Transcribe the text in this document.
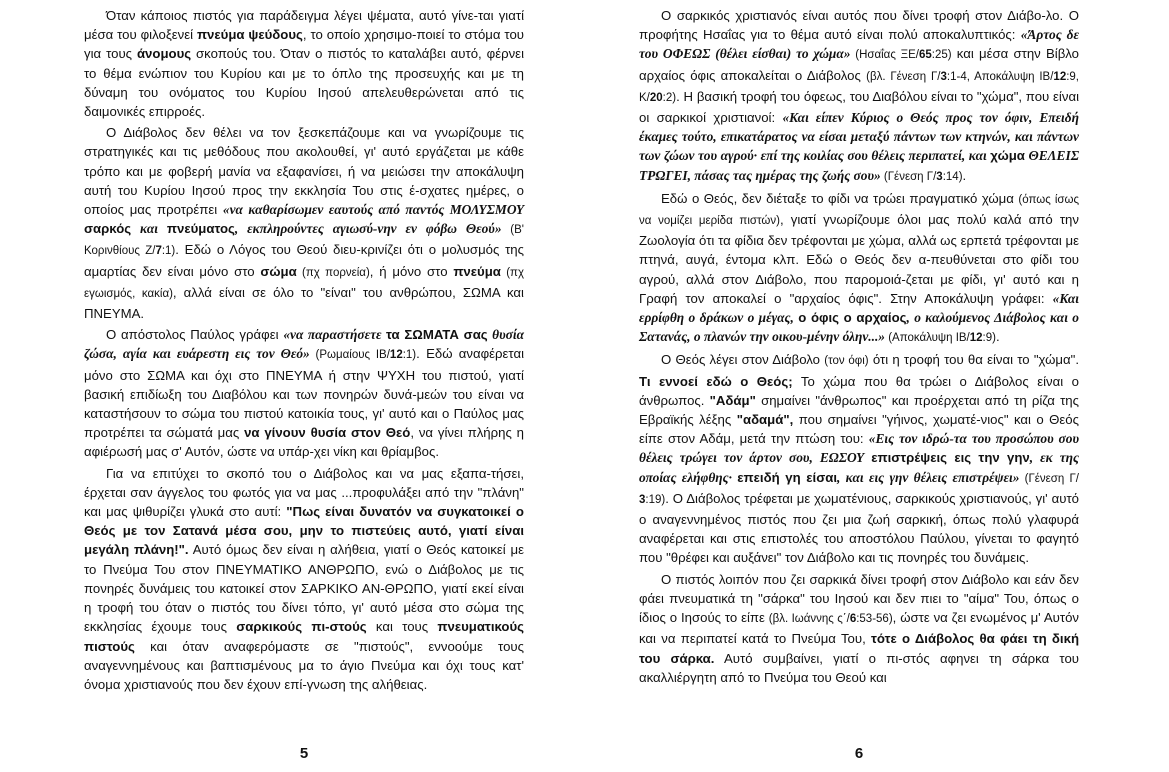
Όταν κάποιος πιστός για παράδειγμα λέγει ψέματα, αυτό γίνε-ται γιατί μέσα του φιλοξενεί πνεύμα ψεύδους, το οποίο χρησιμο-ποιεί το στόμα του για τους άνομους σκοπούς του. Όταν ο πιστός το καταλάβει αυτό, φέρνει το θέμα ενώπιον του Κυρίου και με το όπλο της προσευχής και με τη δύναμη του ονόματος του Κυρίου Ιησού απελευθερώνεται από τις δαιμονικές επιρροές.

Ο Διάβολος δεν θέλει να τον ξεσκεπάζουμε και να γνωρίζουμε τις στρατηγικές και τις μεθόδους που ακολουθεί, γι' αυτό εργάζεται με κάθε τρόπο και με φοβερή μανία να εξαφανίσει, ή να μειώσει την αποκάλυψη αυτή του Κυρίου Ιησού προς την εκκλησία Του στις έ-σχατες ημέρες, ο οποίος μας προτρέπει «να καθαρίσωμεν εαυτούς από παντός ΜΟΛΥΣΜΟΥ σαρκός και πνεύματος, εκπληρούντες αγιωσύ-νην εν φόβω Θεού» (Β' Κορινθίους Ζ/7:1). Εδώ ο Λόγος του Θεού διευ-κρινίζει ότι ο μολυσμός της αμαρτίας δεν είναι μόνο στο σώμα (πχ πορνεία), ή μόνο στο πνεύμα (πχ εγωισμός, κακία), αλλά είναι σε όλο το "είναι" του ανθρώπου, ΣΩΜΑ και ΠΝΕΥΜΑ.

Ο απόστολος Παύλος γράφει «να παραστήσετε τα ΣΩΜΑΤΑ σας θυσία ζώσα, αγία και ευάρεστη εις τον Θεό» (Ρωμαίους ΙΒ/12:1). Εδώ αναφέρεται μόνο στο ΣΩΜΑ και όχι στο ΠΝΕΥΜΑ ή στην ΨΥΧΗ του πιστού, γιατί βασική επιδίωξη του Διαβόλου και των πονηρών δυνά-μεών του είναι να καταστήσουν το σώμα του πιστού κατοικία τους, γι' αυτό και ο Παύλος μας προτρέπει τα σώματά μας να γίνουν θυσία στον Θεό, να γίνει πλήρης η αφιέρωσή μας σ' Αυτόν, ώστε να υπάρ-χει νίκη και θρίαμβος.

Για να επιτύχει το σκοπό του ο Διάβολος και να μας εξαπα-τήσει, έρχεται σαν άγγελος του φωτός για να μας ...προφυλάξει από την "πλάνη" και μας ψιθυρίζει γλυκά στο αυτί: "Πως είναι δυνατόν να συγκατοικεί ο Θεός με τον Σατανά μέσα σου, μην το πιστεύεις αυτό, γιατί είναι μεγάλη πλάνη!". Αυτό όμως δεν είναι η αλήθεια, γιατί ο Θεός κατοικεί με το Πνεύμα Του στον ΠΝΕΥΜΑΤΙΚΟ ΑΝΘΡΩΠΟ, ενώ ο Διάβολος με τις πονηρές δυνάμεις του κατοικεί στον ΣΑΡΚΙΚΟ ΑΝ-ΘΡΩΠΟ, γιατί εκεί είναι η τροφή του όταν ο πιστός του δίνει τόπο, γι' αυτό μέσα στο σώμα της εκκλησίας έχουμε τους σαρκικούς πι-στούς και τους πνευματικούς πιστούς και όταν αναφερόμαστε σε "πιστούς", εννοούμε τους αναγεννημένους και βαπτισμένους μα το άγιο Πνεύμα και όχι τους κατ' όνομα χριστιανούς που δεν έχουν επί-γνωση της αλήθειας.

5

Ο σαρκικός χριστιανός είναι αυτός που δίνει τροφή στον Διάβο-λο. Ο προφήτης Ησαΐας για το θέμα αυτό είναι πολύ αποκαλυπτικός: «Άρτος δε του ΟΦΕΩΣ (θέλει είσθαι) το χώμα» (Ησαΐας ΞΕ/65:25) και μέσα στην Βίβλο αρχαίος όφις αποκαλείται ο Διάβολος (βλ. Γένεση Γ/3:1-4, Αποκάλυψη ΙΒ/12:9, Κ/20:2). Η βασική τροφή του όφεως, του Διαβόλου είναι το "χώμα", που είναι οι σαρκικοί χριστιανοί: «Και είπεν Κύριος ο Θεός προς τον όφιν, Επειδή έκαμες τούτο, επικατάρατος να είσαι μεταξύ πάντων των κτηνών, και πάντων των ζώων του αγρού· επί της κοιλίας σου θέλεις περιπατεί, και χώμα ΘΕΛΕΙΣ ΤΡΩΓΕΙ, πάσας τας ημέρας της ζωής σου» (Γένεση Γ/3:14).

Εδώ ο Θεός, δεν διέταξε το φίδι να τρώει πραγματικό χώμα (όπως ίσως να νομίζει μερίδα πιστών), γιατί γνωρίζουμε όλοι μας πολύ καλά από την Ζωολογία ότι τα φίδια δεν τρέφονται με χώμα, αλλά ως ερπετά τρέφονται με πτηνά, αυγά, έντομα κλπ. Εδώ ο Θεός δεν α-πευθύνεται στο φίδι του αγρού, αλλά στον Διάβολο, που παρομοιά-ζεται με φίδι, γι' αυτό και η Γραφή τον αποκαλεί ο "αρχαίος όφις". Στην Αποκάλυψη γράφει: «Και ερρίφθη ο δράκων ο μέγας, ο όφις ο αρχαίος, ο καλούμενος Διάβολος και ο Σατανάς, ο πλανών την οικου-μένην όλην...» (Αποκάλυψη ΙΒ/12:9).

Ο Θεός λέγει στον Διάβολο (τον όφι) ότι η τροφή του θα είναι το "χώμα". Τι εννοεί εδώ ο Θεός; Το χώμα που θα τρώει ο Διάβολος είναι ο άνθρωπος. "Αδάμ" σημαίνει "άνθρωπος" και προέρχεται από τη ρίζα της Εβραϊκής λέξης "αδαμά", που σημαίνει "γήινος, χωματέ-νιος" και ο Θεός είπε στον Αδάμ, μετά την πτώση του: «Εις τον ιδρώ-τα του προσώπου σου θέλεις τρώγει τον άρτον σου, ΕΩΣΟΥ επιστρέψεις εις την γην, εκ της οποίας ελήφθης· επειδή γη είσαι, και εις γην θέλεις επιστρέψει» (Γένεση Γ/ 3:19). Ο Διάβολος τρέφεται με χωματένιους, σαρκικούς χριστιανούς, γι' αυτό ο αναγεννημένος πιστός που ζει μια ζωή σαρκική, όπως πολύ γλαφυρά αναφέρεται και στις επιστολές του αποστόλου Παύλου, γίνεται το φαγητό που "θρέφει και αυξάνει" τον Διάβολο και τις πονηρές του δυνάμεις.

Ο πιστός λοιπόν που ζει σαρκικά δίνει τροφή στον Διάβολο και εάν δεν φάει πνευματικά τη "σάρκα" του Ιησού και δεν πιει το "αίμα" Του, όπως ο ίδιος ο Ιησούς το είπε (βλ. Ιωάννης ς΄/6:53-56), ώστε να ζει ενωμένος μ' Αυτόν και να περιπατεί κατά το Πνεύμα Του, τότε ο Διάβολος θα φάει τη δική του σάρκα. Αυτό συμβαίνει, γιατί ο πι-στός αφηνει τη σάρκα του ακαλλιέργητη από το Πνεύμα του Θεού και

6
